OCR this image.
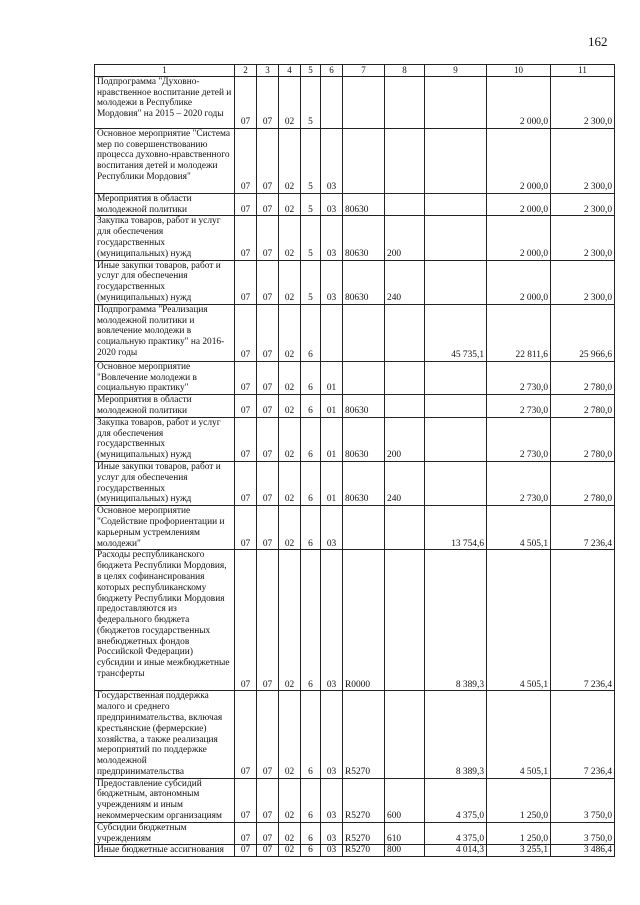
162
1	2	3	4	5	6	7	8	9	10	11
Подпрограмма "Духовно-нравственное воспитание детей и молодежи в Республике Мордовия" на 2015 – 2020 годы	07	07	02	5					2 000,0	2 300,0
Основное мероприятие "Система мер по совершенствованию процесса духовно-нравственного воспитания детей и молодежи Республики Мордовия"	07	07	02	5	03				2 000,0	2 300,0
Мероприятия в области молодежной политики	07	07	02	5	03	80630			2 000,0	2 300,0
Закупка товаров, работ и услуг для обеспечения государственных (муниципальных) нужд	07	07	02	5	03	80630	200		2 000,0	2 300,0
Иные закупки товаров, работ и услуг для обеспечения государственных (муниципальных) нужд	07	07	02	5	03	80630	240		2 000,0	2 300,0
Подпрограмма "Реализация молодежной политики и вовлечение молодежи в социальную практику" на 2016-2020 годы	07	07	02	6				45 735,1	22 811,6	25 966,6
Основное мероприятие "Вовлечение молодежи в социальную практику"	07	07	02	6	01				2 730,0	2 780,0
Мероприятия в области молодежной политики	07	07	02	6	01	80630			2 730,0	2 780,0
Закупка товаров, работ и услуг для обеспечения государственных (муниципальных) нужд	07	07	02	6	01	80630	200		2 730,0	2 780,0
Иные закупки товаров, работ и услуг для обеспечения государственных (муниципальных) нужд	07	07	02	6	01	80630	240		2 730,0	2 780,0
Основное мероприятие "Содействие профориентации и карьерным устремлениям молодежи"	07	07	02	6	03			13 754,6	4 505,1	7 236,4
Расходы республиканского бюджета Республики Мордовия, в целях софинансирования которых республиканскому бюджету Республики Мордовия предоставляются из федерального бюджета (бюджетов государственных внебюджетных фондов Российской Федерации) субсидии и иные межбюджетные трансферты	07	07	02	6	03	R0000		8 389,3	4 505,1	7 236,4
Государственная поддержка малого и среднего предпринимательства, включая крестьянские (фермерские) хозяйства, а также реализация мероприятий по поддержке молодежной предпринимательства	07	07	02	6	03	R5270		8 389,3	4 505,1	7 236,4
Предоставление субсидий бюджетным, автономным учреждениям и иным некоммерческим организациям	07	07	02	6	03	R5270	600	4 375,0	1 250,0	3 750,0
Субсидии бюджетным учреждениям	07	07	02	6	03	R5270	610	4 375,0	1 250,0	3 750,0
Иные бюджетные ассигнования	07	07	02	6	03	R5270	800	4 014,3	3 255,1	3 486,4
